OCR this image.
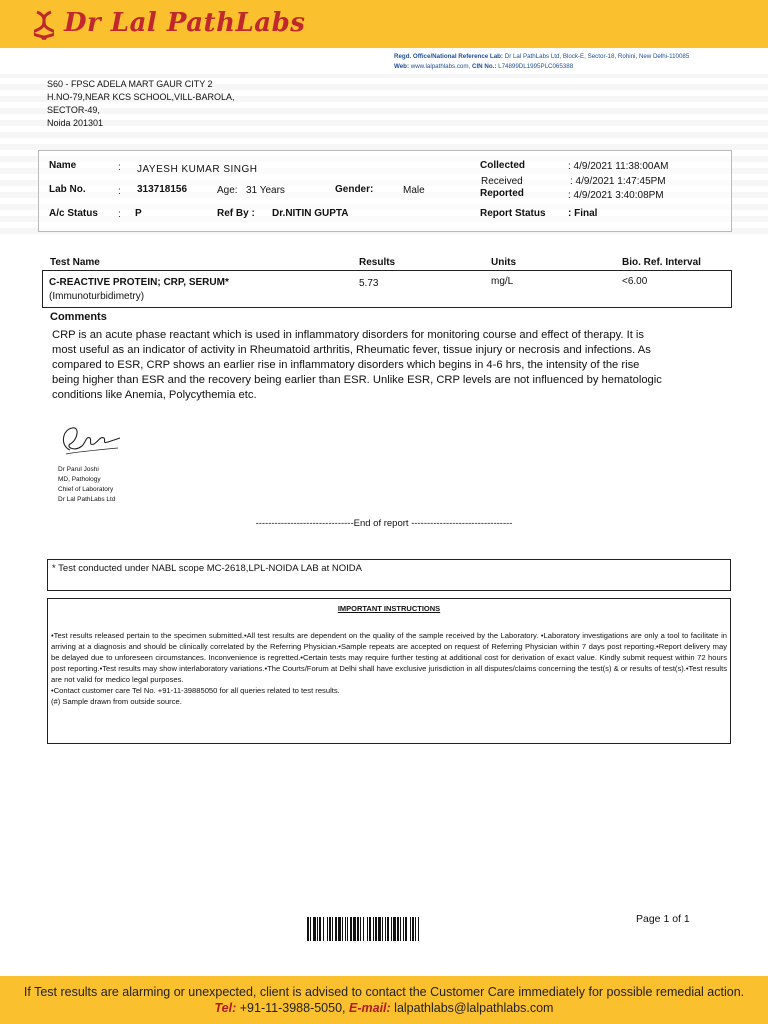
Dr Lal PathLabs
Regd. Office/National Reference Lab: Dr Lal PathLabs Ltd, Block-E, Sector-18, Rohini, New Delhi-110085
Web: www.lalpathlabs.com, CIN No.: L74899DL1995PLC065388
S60 - FPSC ADELA MART GAUR CITY 2
H.NO-79,NEAR KCS SCHOOL,VILL-BAROLA,
SECTOR-49,
Noida 201301
Name	: JAYESH KUMAR SINGH
Lab No.	: 313718156	Age: 31 Years	Gender:	Male
A/c Status : P	Ref By : Dr.NITIN GUPTA
Collected	: 4/9/2021 11:38:00AM
Received	: 4/9/2021 1:47:45PM
Reported	: 4/9/2021 3:40:08PM
Report Status : Final
Test Name	Results	Units	Bio. Ref. Interval
C-REACTIVE PROTEIN; CRP, SERUM*
(Immunoturbidimetry)
5.73	mg/L	<6.00
Comments
CRP is an acute phase reactant which is used in inflammatory disorders for monitoring course and effect of therapy. It is most useful as an indicator of activity in Rheumatoid arthritis, Rheumatic fever, tissue injury or necrosis and infections. As compared to ESR, CRP shows an earlier rise in inflammatory disorders which begins in 4-6 hrs, the intensity of the rise being higher than ESR and the recovery being earlier than ESR. Unlike ESR, CRP levels are not influenced by hematologic conditions like Anemia, Polycythemia etc.
Dr Parul Joshi
MD, Pathology
Chief of Laboratory
Dr Lal PathLabs Ltd
-------------------------------End of report --------------------------------
* Test conducted under NABL scope MC-2618,LPL-NOIDA LAB at NOIDA
IMPORTANT INSTRUCTIONS
•Test results released pertain to the specimen submitted.•All test results are dependent on the quality of the sample received by the Laboratory. •Laboratory investigations are only a tool to facilitate in arriving at a diagnosis and should be clinically correlated by the Referring Physician.•Sample repeats are accepted on request of Referring Physician within 7 days post reporting.•Report delivery may be delayed due to unforeseen circumstances. Inconvenience is regretted.•Certain tests may require further testing at additional cost for derivation of exact value. Kindly submit request within 72 hours post reporting.•Test results may show interlaboratory variations.•The Courts/Forum at Delhi shall have exclusive jurisdiction in all disputes/claims concerning the test(s) & or results of test(s).•Test results are not valid for medico legal purposes.
•Contact customer care Tel No. +91-11-39885050 for all queries related to test results.
(#) Sample drawn from outside source.
Page 1 of 1
If Test results are alarming or unexpected, client is advised to contact the Customer Care immediately for possible remedial action.
Tel: +91-11-3988-5050, E-mail: lalpathlabs@lalpathlabs.com
